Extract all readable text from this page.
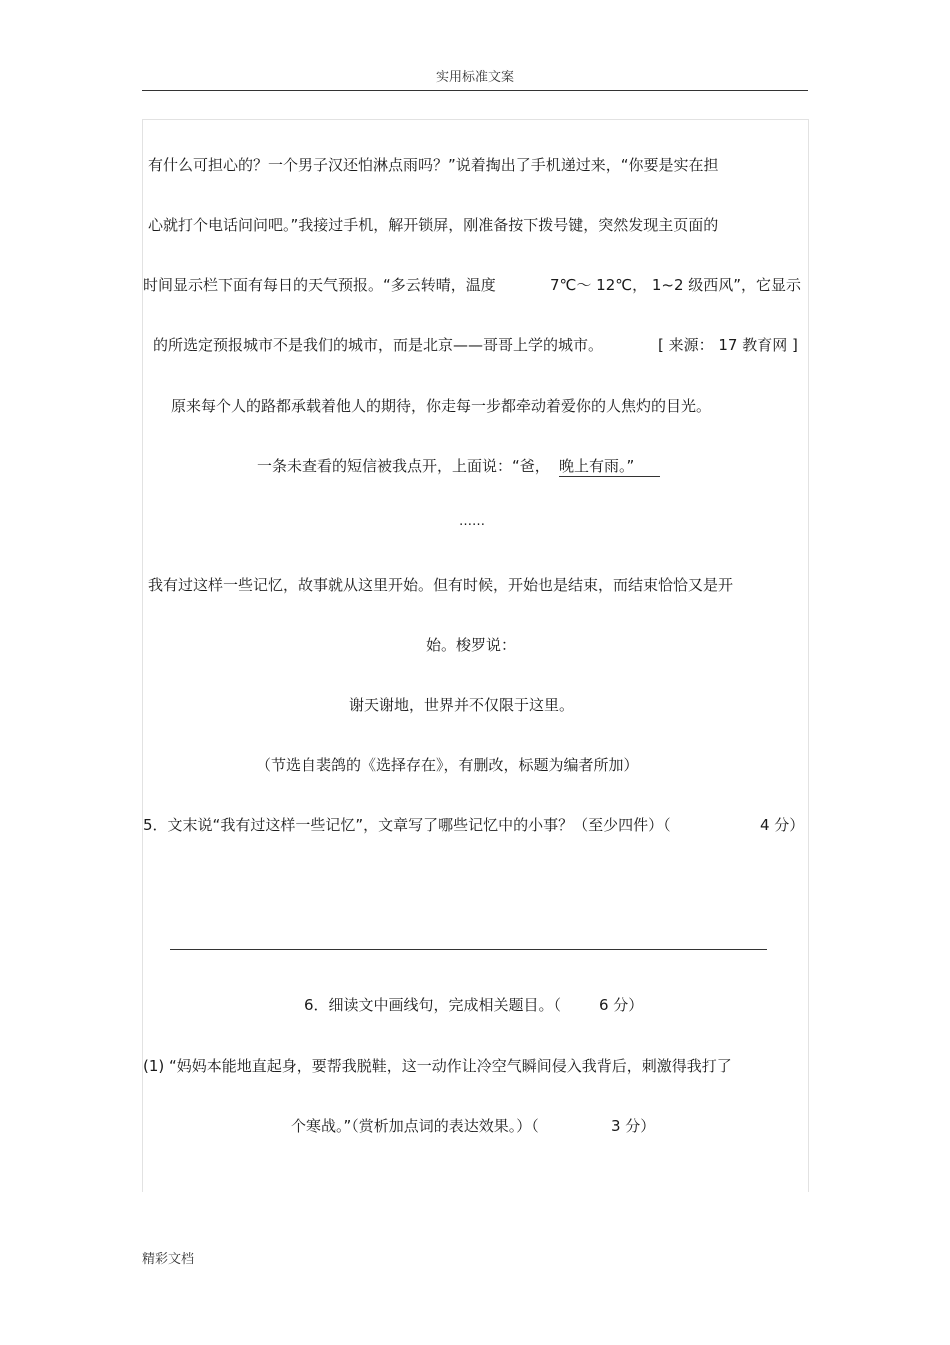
实用标准文案
有什么可担心的？一个男子汉还怕淋点雨吗？”说着掏出了手机递过来，“你要是实在担
心就打个电话问问吧。”我接过手机，解开锁屏，刚准备按下拨号键，突然发现主页面的
时间显示栏下面有每日的天气预报。“多云转晴，温度	7℃～ 12℃， 1~2 级西风”，它显示
的所选定预报城市不是我们的城市，而是北京——哥哥上学的城市。	[ 来源： 17 教育网 ]
原来每个人的路都承载着他人的期待，你走每一步都牵动着爱你的人焦灼的目光。
一条未查看的短信被我点开，上面说：“爸， 晚上有雨。”
……
我有过这样一些记忆，故事就从这里开始。但有时候，开始也是结束，而结束恰恰又是开
始。梭罗说：
谢天谢地，世界并不仅限于这里。
（节选自裴鸽的《选择存在》，有删改，标题为编者所加）
5．文末说“我有过这样一些记忆”，文章写了哪些记忆中的小事？（至少四件）（	4 分）
6．细读文中画线句，完成相关题目。（	6 分）
(1) “妈妈本能地直起身，要帮我脱鞋，这一动作让冷空气瞬间侵入我背后，刺激得我打了
个寒战。”（赏析加点词的表达效果。）（	3 分）
精彩文档
